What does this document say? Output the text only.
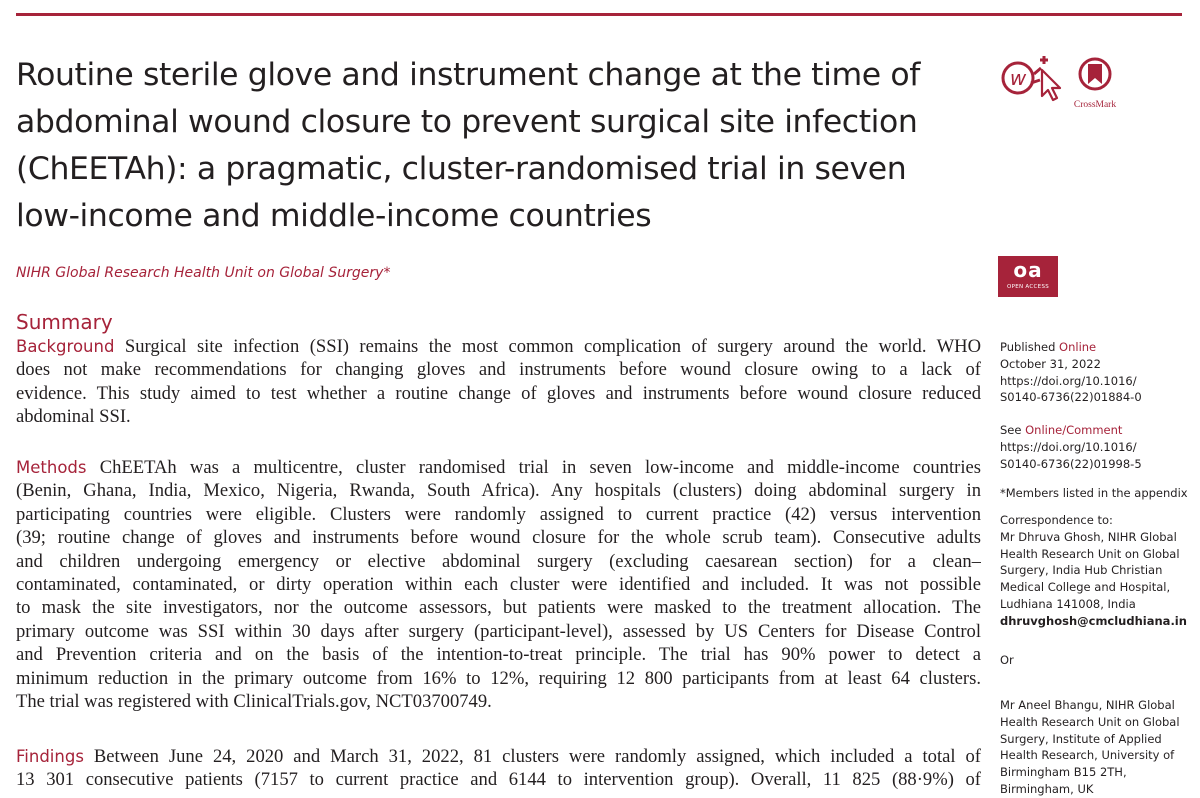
Routine sterile glove and instrument change at the time of
abdominal wound closure to prevent surgical site infection
(ChEETAh): a pragmatic, cluster-randomised trial in seven
low-income and middle-income countries
w
CrossMark

NIHR Global Research Health Unit on Global Surgery*	oa
OPEN ACCESS
Summary

Background Surgical site infection (SSI) remains the most common complication of surgery around the world. WHO
does not make recommendations for changing gloves and instruments before wound closure owing to a lack of
evidence. This study aimed to test whether a routine change of gloves and instruments before wound closure reduced
abdominal SSI.

Methods ChEETAh was a multicentre, cluster randomised trial in seven low-income and middle-income countries
(Benin, Ghana, India, Mexico, Nigeria, Rwanda, South Africa). Any hospitals (clusters) doing abdominal surgery in
participating countries were eligible. Clusters were randomly assigned to current practice (42) versus intervention
(39; routine change of gloves and instruments before wound closure for the whole scrub team). Consecutive adults
and children undergoing emergency or elective abdominal surgery (excluding caesarean section) for a clean–
contaminated, contaminated, or dirty operation within each cluster were identified and included. It was not possible
to mask the site investigators, nor the outcome assessors, but patients were masked to the treatment allocation. The
primary outcome was SSI within 30 days after surgery (participant-level), assessed by US Centers for Disease Control
and Prevention criteria and on the basis of the intention-to-treat principle. The trial has 90% power to detect a
minimum reduction in the primary outcome from 16% to 12%, requiring 12 800 participants from at least 64 clusters.
The trial was registered with ClinicalTrials.gov, NCT03700749.

Findings Between June 24, 2020 and March 31, 2022, 81 clusters were randomly assigned, which included a total of
13 301 consecutive patients (7157 to current practice and 6144 to intervention group). Overall, 11 825 (88·9%) of

Published Online

October 31, 2022

https://doi.org/10.1016/

S0140-6736(22)01884-0

See Online/Comment

https://doi.org/10.1016/

S0140-6736(22)01998-5

*Members listed in the appendix

Correspondence to:

Mr Dhruva Ghosh, NIHR Global

Health Research Unit on Global

Surgery, India Hub Christian

Medical College and Hospital,

Ludhiana 141008, India

dhruvghosh@cmcludhiana.in

Or

Mr Aneel Bhangu, NIHR Global

Health Research Unit on Global

Surgery, Institute of Applied

Health Research, University of

Birmingham B15 2TH,

Birmingham, UK
